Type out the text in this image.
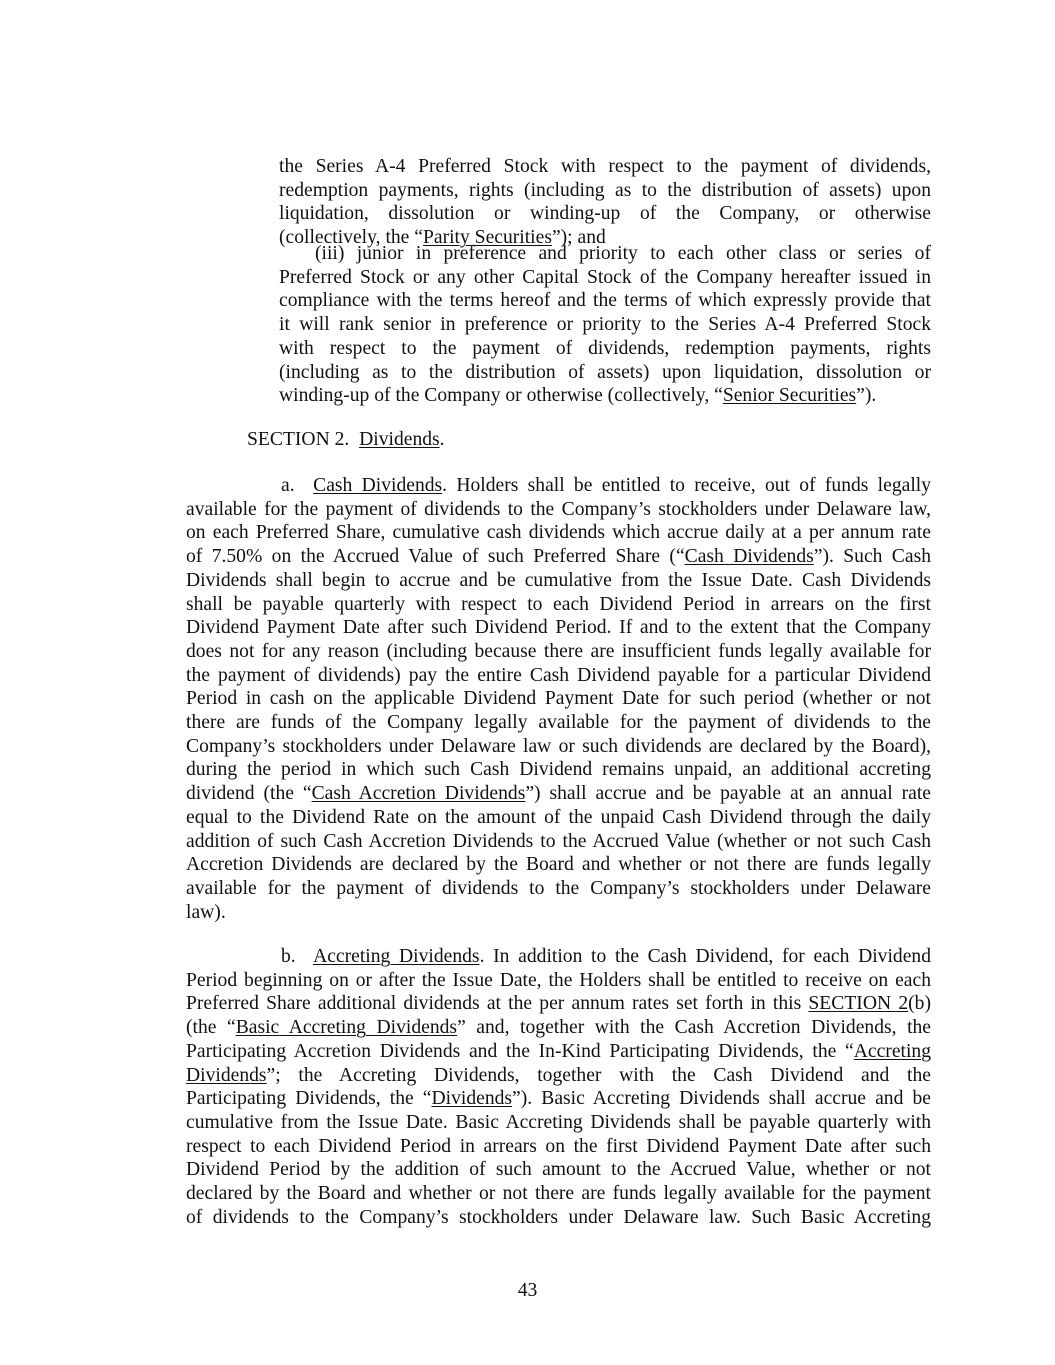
the Series A-4 Preferred Stock with respect to the payment of dividends,
redemption payments, rights (including as to the distribution of assets) upon
liquidation, dissolution or winding-up of the Company, or otherwise
(collectively, the “Parity Securities”); and
(iii) junior in preference and priority to each other class or series of
Preferred Stock or any other Capital Stock of the Company hereafter issued in
compliance with the terms hereof and the terms of which expressly provide that
it will rank senior in preference or priority to the Series A-4 Preferred Stock
with respect to the payment of dividends, redemption payments, rights
(including as to the distribution of assets) upon liquidation, dissolution or
winding-up of the Company or otherwise (collectively, “Senior Securities”).
SECTION 2. Dividends.
a. Cash Dividends. Holders shall be entitled to receive, out of funds legally
available for the payment of dividends to the Company’s stockholders under Delaware law,
on each Preferred Share, cumulative cash dividends which accrue daily at a per annum rate
of 7.50% on the Accrued Value of such Preferred Share (“Cash Dividends”). Such Cash
Dividends shall begin to accrue and be cumulative from the Issue Date. Cash Dividends
shall be payable quarterly with respect to each Dividend Period in arrears on the first
Dividend Payment Date after such Dividend Period. If and to the extent that the Company
does not for any reason (including because there are insufficient funds legally available for
the payment of dividends) pay the entire Cash Dividend payable for a particular Dividend
Period in cash on the applicable Dividend Payment Date for such period (whether or not
there are funds of the Company legally available for the payment of dividends to the
Company’s stockholders under Delaware law or such dividends are declared by the Board),
during the period in which such Cash Dividend remains unpaid, an additional accreting
dividend (the “Cash Accretion Dividends”) shall accrue and be payable at an annual rate
equal to the Dividend Rate on the amount of the unpaid Cash Dividend through the daily
addition of such Cash Accretion Dividends to the Accrued Value (whether or not such Cash
Accretion Dividends are declared by the Board and whether or not there are funds legally
available for the payment of dividends to the Company’s stockholders under Delaware
law).
b. Accreting Dividends. In addition to the Cash Dividend, for each Dividend
Period beginning on or after the Issue Date, the Holders shall be entitled to receive on each
Preferred Share additional dividends at the per annum rates set forth in this SECTION 2(b)
(the “Basic Accreting Dividends” and, together with the Cash Accretion Dividends, the
Participating Accretion Dividends and the In-Kind Participating Dividends, the “Accreting
Dividends”; the Accreting Dividends, together with the Cash Dividend and the
Participating Dividends, the “Dividends”). Basic Accreting Dividends shall accrue and be
cumulative from the Issue Date. Basic Accreting Dividends shall be payable quarterly with
respect to each Dividend Period in arrears on the first Dividend Payment Date after such
Dividend Period by the addition of such amount to the Accrued Value, whether or not
declared by the Board and whether or not there are funds legally available for the payment
of dividends to the Company’s stockholders under Delaware law. Such Basic Accreting
43
